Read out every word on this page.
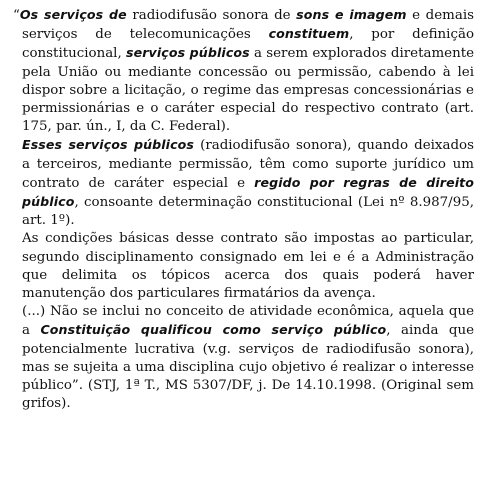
“Os serviços de radiodifusão sonora de sons e imagem e demais serviços de telecomunicações constituem, por definição constitucional, serviços públicos a serem explorados diretamente pela União ou mediante concessão ou permissão, cabendo à lei dispor sobre a licitação, o regime das empresas concessionárias e permissionárias e o caráter especial do respectivo contrato (art. 175, par. ún., I, da C. Federal).

Esses serviços públicos (radiodifusão sonora), quando deixados a terceiros, mediante permissão, têm como suporte jurídico um contrato de caráter especial e regido por regras de direito público, consoante determinação constitucional (Lei nº 8.987/95, art. 1º).

As condições básicas desse contrato são impostas ao particular, segundo disciplinamento consignado em lei e é a Administração que delimita os tópicos acerca dos quais poderá haver manutenção dos particulares firmatários da avença.

(...) Não se inclui no conceito de atividade econômica, aquela que a Constituição qualificou como serviço público, ainda que potencialmente lucrativa (v.g. serviços de radiodifusão sonora), mas se sujeita a uma disciplina cujo objetivo é realizar o interesse público”. (STJ, 1ª T., MS 5307/DF, j. De 14.10.1998. (Original sem grifos).
